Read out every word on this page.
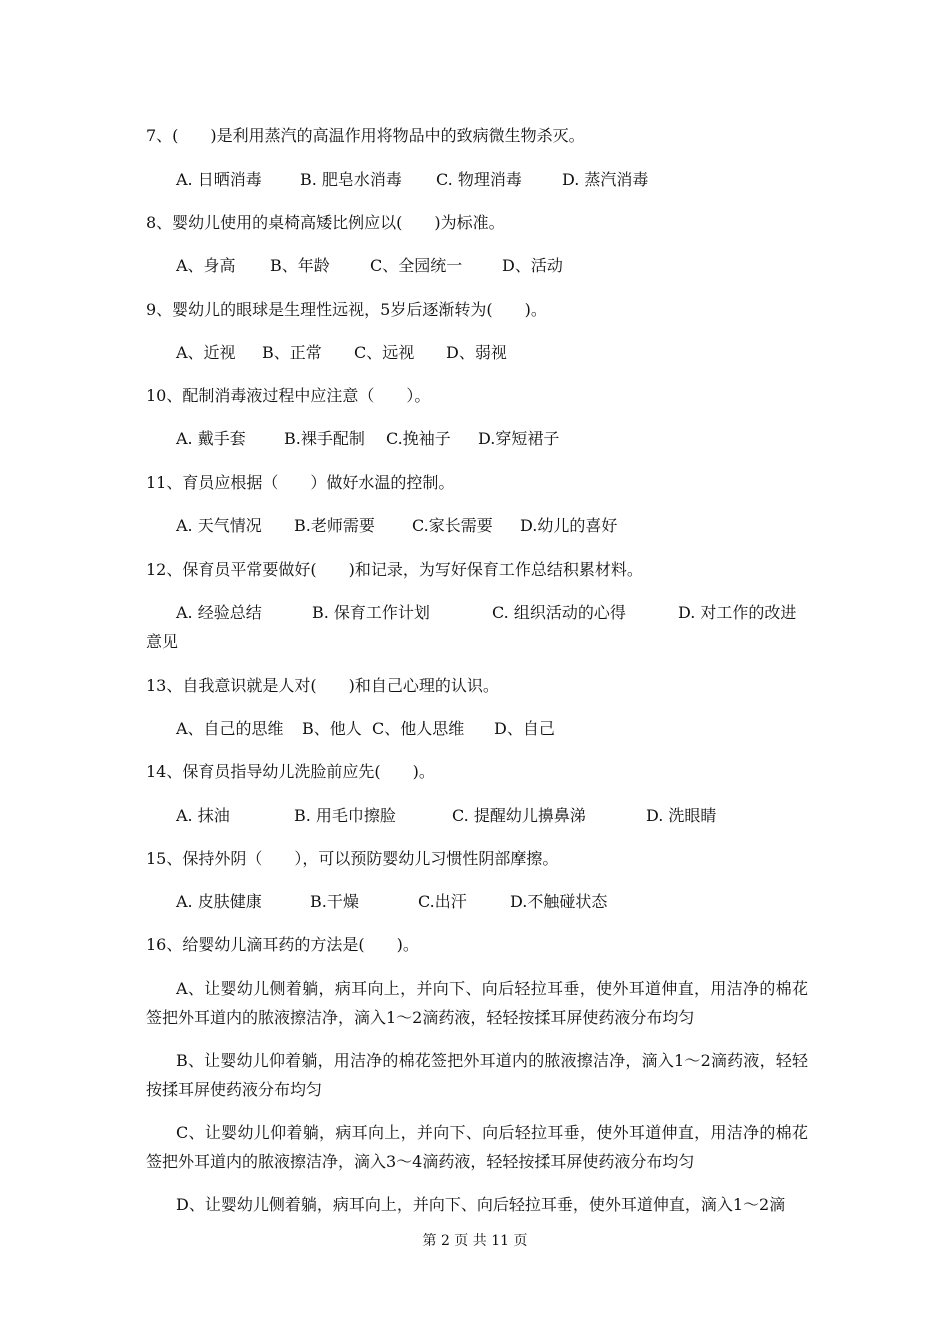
7、(　　)是利用蒸汽的高温作用将物品中的致病微生物杀灭。
A. 日晒消毒 B. 肥皂水消毒 C. 物理消毒	D. 蒸汽消毒
8、婴幼儿使用的桌椅高矮比例应以(　　)为标准。
A、身高 B、年龄	C、全园统一 D、活动
9、婴幼儿的眼球是生理性远视，5岁后逐渐转为(　　)。
A、近视 B、正常 C、远视 D、弱视
10、配制消毒液过程中应注意（　　）。
A. 戴手套 B.裸手配制 C.挽袖子 D.穿短裙子
11、育员应根据（　　）做好水温的控制。
A. 天气情况 B.老师需要 C.家长需要 D.幼儿的喜好
12、保育员平常要做好(　　)和记录，为写好保育工作总结积累材料。
A. 经验总结	B. 保育工作计划	C. 组织活动的心得	D. 对工作的改进
意见
13、自我意识就是人对(　　)和自己心理的认识。
A、自己的思维 B、他人 C、他人思维 D、自己
14、保育员指导幼儿洗脸前应先(　　)。
A. 抹油	B. 用毛巾擦脸	C. 提醒幼儿擤鼻涕	D. 洗眼睛
15、保持外阴（　　），可以预防婴幼儿习惯性阴部摩擦。
A. 皮肤健康	B.干燥	C.出汗	D.不触碰状态
16、给婴幼儿滴耳药的方法是(　　)。
A、让婴幼儿侧着躺，病耳向上，并向下、向后轻拉耳垂，使外耳道伸直，用洁净的棉花签把外耳道内的脓液擦洁净，滴入1～2滴药液，轻轻按揉耳屏使药液分布均匀
B、让婴幼儿仰着躺，用洁净的棉花签把外耳道内的脓液擦洁净，滴入1～2滴药液，轻轻按揉耳屏使药液分布均匀
C、让婴幼儿仰着躺，病耳向上，并向下、向后轻拉耳垂，使外耳道伸直，用洁净的棉花签把外耳道内的脓液擦洁净，滴入3～4滴药液，轻轻按揉耳屏使药液分布均匀
D、让婴幼儿侧着躺，病耳向上，并向下、向后轻拉耳垂，使外耳道伸直，滴入1～2滴
第 2 页 共 11 页
